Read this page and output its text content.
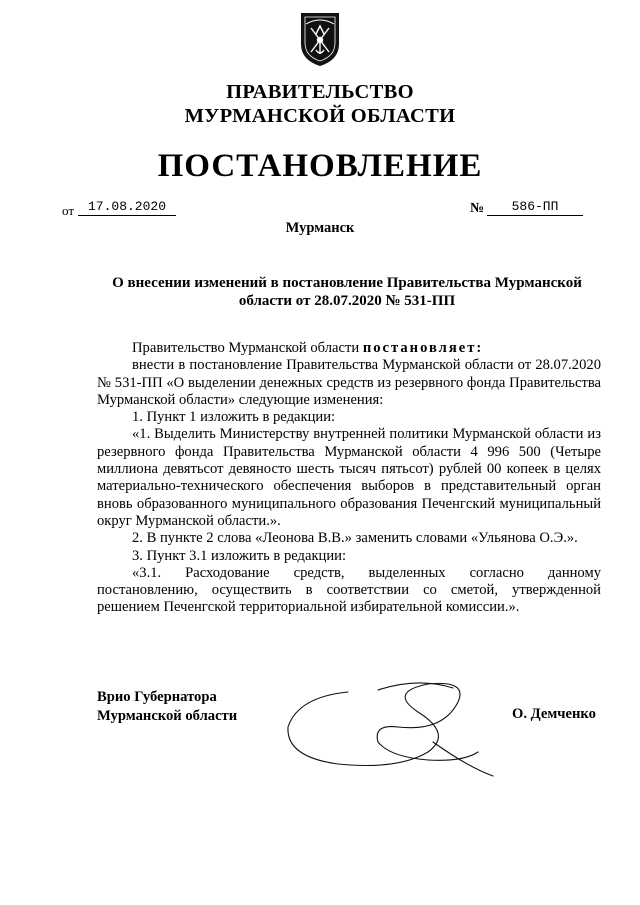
ПРАВИТЕЛЬСТВО
МУРМАНСКОЙ ОБЛАСТИ
ПОСТАНОВЛЕНИЕ
от	17.08.2020	№	586-ПП
Мурманск
О внесении изменений в постановление Правительства Мурманской области от 28.07.2020 № 531-ПП

Правительство Мурманской области постановляет:

внести в постановление Правительства Мурманской области от 28.07.2020 № 531-ПП «О выделении денежных средств из резервного фонда Правительства Мурманской области» следующие изменения:

1. Пункт 1 изложить в редакции:

«1. Выделить Министерству внутренней политики Мурманской области из резервного фонда Правительства Мурманской области 4 996 500 (Четыре миллиона девятьсот девяносто шесть тысяч пятьсот) рублей 00 копеек в целях материально-технического обеспечения выборов в представительный орган вновь образованного муниципального образования Печенгский муниципальный округ Мурманской области.».

2. В пункте 2 слова «Леонова В.В.» заменить словами «Ульянова О.Э.».

3. Пункт 3.1 изложить в редакции:

«3.1. Расходование средств, выделенных согласно данному постановлению, осуществить в соответствии со сметой, утвержденной решением Печенгской территориальной избирательной комиссии.».

Врио Губернатора
Мурманской области	О. Демченко
